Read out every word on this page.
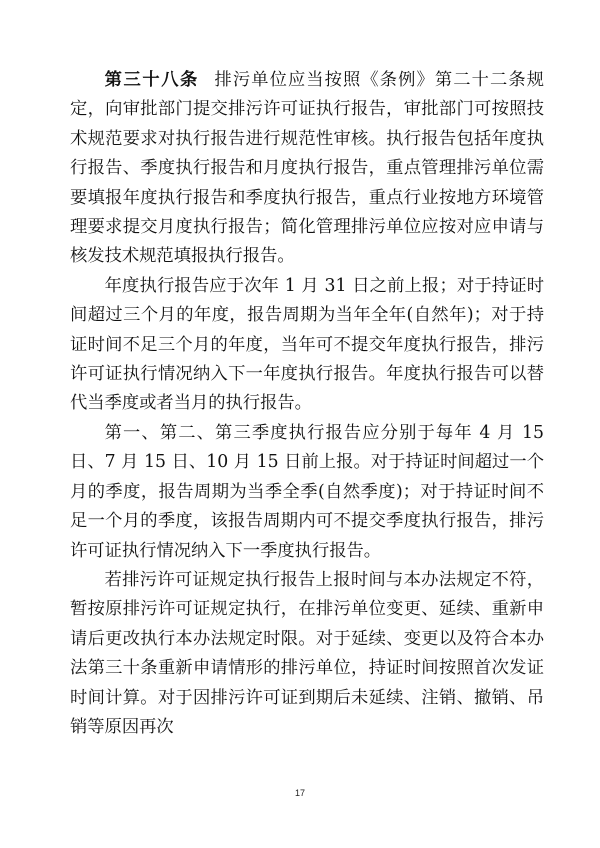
第三十八条 排污单位应当按照《条例》第二十二条规定，向审批部门提交排污许可证执行报告，审批部门可按照技术规范要求对执行报告进行规范性审核。执行报告包括年度执行报告、季度执行报告和月度执行报告，重点管理排污单位需要填报年度执行报告和季度执行报告，重点行业按地方环境管理要求提交月度执行报告；简化管理排污单位应按对应申请与核发技术规范填报执行报告。

年度执行报告应于次年 1 月 31 日之前上报；对于持证时间超过三个月的年度，报告周期为当年全年(自然年)；对于持证时间不足三个月的年度，当年可不提交年度执行报告，排污许可证执行情况纳入下一年度执行报告。年度执行报告可以替代当季度或者当月的执行报告。

第一、第二、第三季度执行报告应分别于每年 4 月 15 日、7 月 15 日、10 月 15 日前上报。对于持证时间超过一个月的季度，报告周期为当季全季(自然季度)；对于持证时间不足一个月的季度，该报告周期内可不提交季度执行报告，排污许可证执行情况纳入下一季度执行报告。

若排污许可证规定执行报告上报时间与本办法规定不符，暂按原排污许可证规定执行，在排污单位变更、延续、重新申请后更改执行本办法规定时限。对于延续、变更以及符合本办法第三十条重新申请情形的排污单位，持证时间按照首次发证时间计算。对于因排污许可证到期后未延续、注销、撤销、吊销等原因再次

17
